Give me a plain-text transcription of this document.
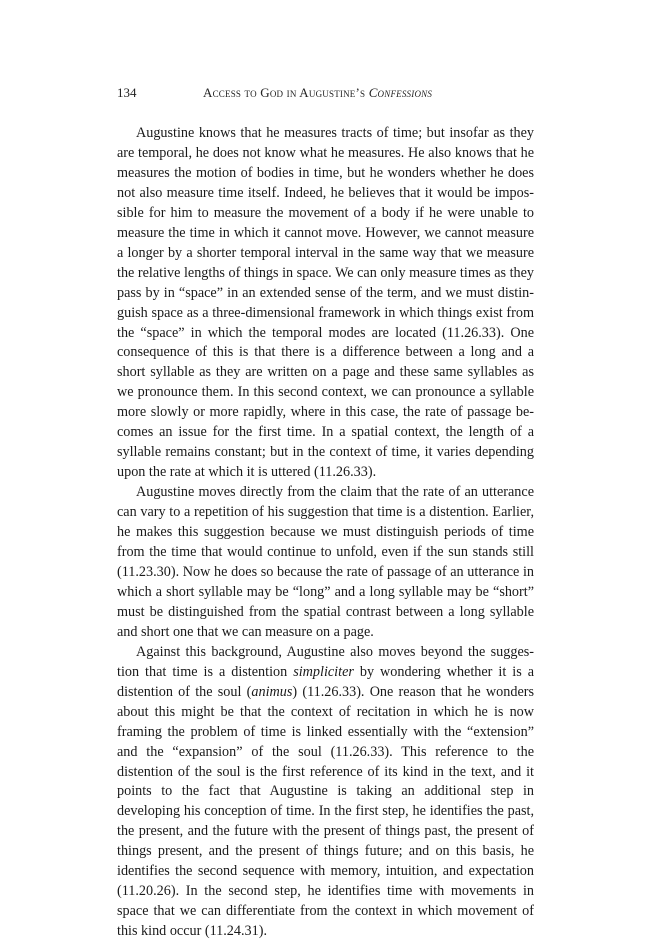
134	Access to God in Augustine’s Confessions

Augustine knows that he measures tracts of time; but insofar as they are temporal, he does not know what he measures. He also knows that he measures the motion of bodies in time, but he wonders whether he does not also measure time itself. Indeed, he believes that it would be impossible for him to measure the movement of a body if he were unable to measure the time in which it cannot move. However, we cannot measure a longer by a shorter temporal interval in the same way that we measure the relative lengths of things in space. We can only measure times as they pass by in “space” in an extended sense of the term, and we must distinguish space as a three-dimensional framework in which things exist from the “space” in which the temporal modes are located (11.26.33). One consequence of this is that there is a difference between a long and a short syllable as they are written on a page and these same syllables as we pronounce them. In this second context, we can pronounce a syllable more slowly or more rapidly, where in this case, the rate of passage becomes an issue for the first time. In a spatial context, the length of a syllable remains constant; but in the context of time, it varies depending upon the rate at which it is uttered (11.26.33).

Augustine moves directly from the claim that the rate of an utterance can vary to a repetition of his suggestion that time is a distention. Earlier, he makes this suggestion because we must distinguish periods of time from the time that would continue to unfold, even if the sun stands still (11.23.30). Now he does so because the rate of passage of an utterance in which a short syllable may be “long” and a long syllable may be “short” must be distinguished from the spatial contrast between a long syllable and short one that we can measure on a page.

Against this background, Augustine also moves beyond the suggestion that time is a distention simpliciter by wondering whether it is a distention of the soul (animus) (11.26.33). One reason that he wonders about this might be that the context of recitation in which he is now framing the problem of time is linked essentially with the “extension” and the “expansion” of the soul (11.26.33). This reference to the distention of the soul is the first reference of its kind in the text, and it points to the fact that Augustine is taking an additional step in developing his conception of time. In the first step, he identifies the past, the present, and the future with the present of things past, the present of things present, and the present of things future; and on this basis, he identifies the second sequence with memory, intuition, and expectation (11.20.26). In the second step, he identifies time with movements in space that we can differentiate from the context in which movement of this kind occur (11.24.31).
